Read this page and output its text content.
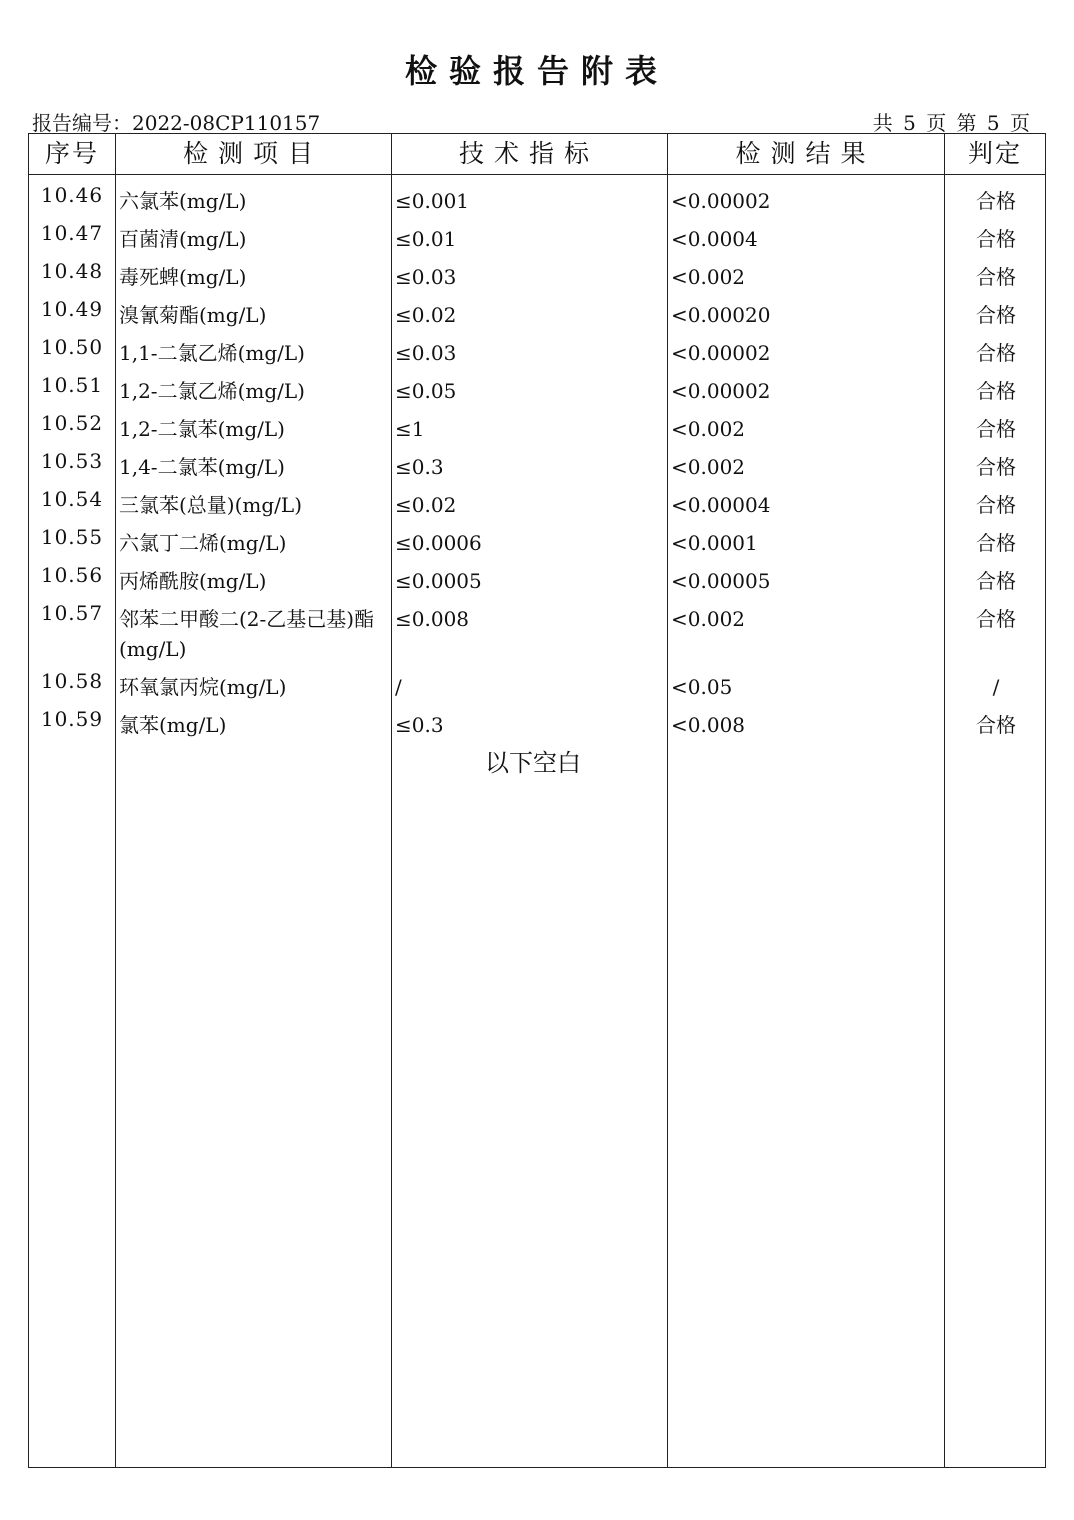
检验报告附表
报告编号：2022-08CP110157	共 5 页 第 5 页
序号	检测项目	技术指标	检测结果	判定
10.46 六氯苯(mg/L)	≤0.001	<0.00002	合格
10.47 百菌清(mg/L)	≤0.01	<0.0004	合格
10.48 毒死蜱(mg/L)	≤0.03	<0.002	合格
10.49 溴氰菊酯(mg/L)	≤0.02	<0.00020	合格
10.50 1,1-二氯乙烯(mg/L)	≤0.03	<0.00002	合格
10.51 1,2-二氯乙烯(mg/L)	≤0.05	<0.00002	合格
10.52 1,2-二氯苯(mg/L)	≤1	<0.002	合格
10.53 1,4-二氯苯(mg/L)	≤0.3	<0.002	合格
10.54 三氯苯(总量)(mg/L)	≤0.02	<0.00004	合格
10.55 六氯丁二烯(mg/L)	≤0.0006	<0.0001	合格
10.56 丙烯酰胺(mg/L)	≤0.0005	<0.00005	合格
10.57 邻苯二甲酸二(2-乙基己基)酯(mg/L)
≤0.008	<0.002	合格
10.58 环氧氯丙烷(mg/L)	/	<0.05	/
10.59 氯苯(mg/L)	≤0.3	<0.008	合格
以下空白
